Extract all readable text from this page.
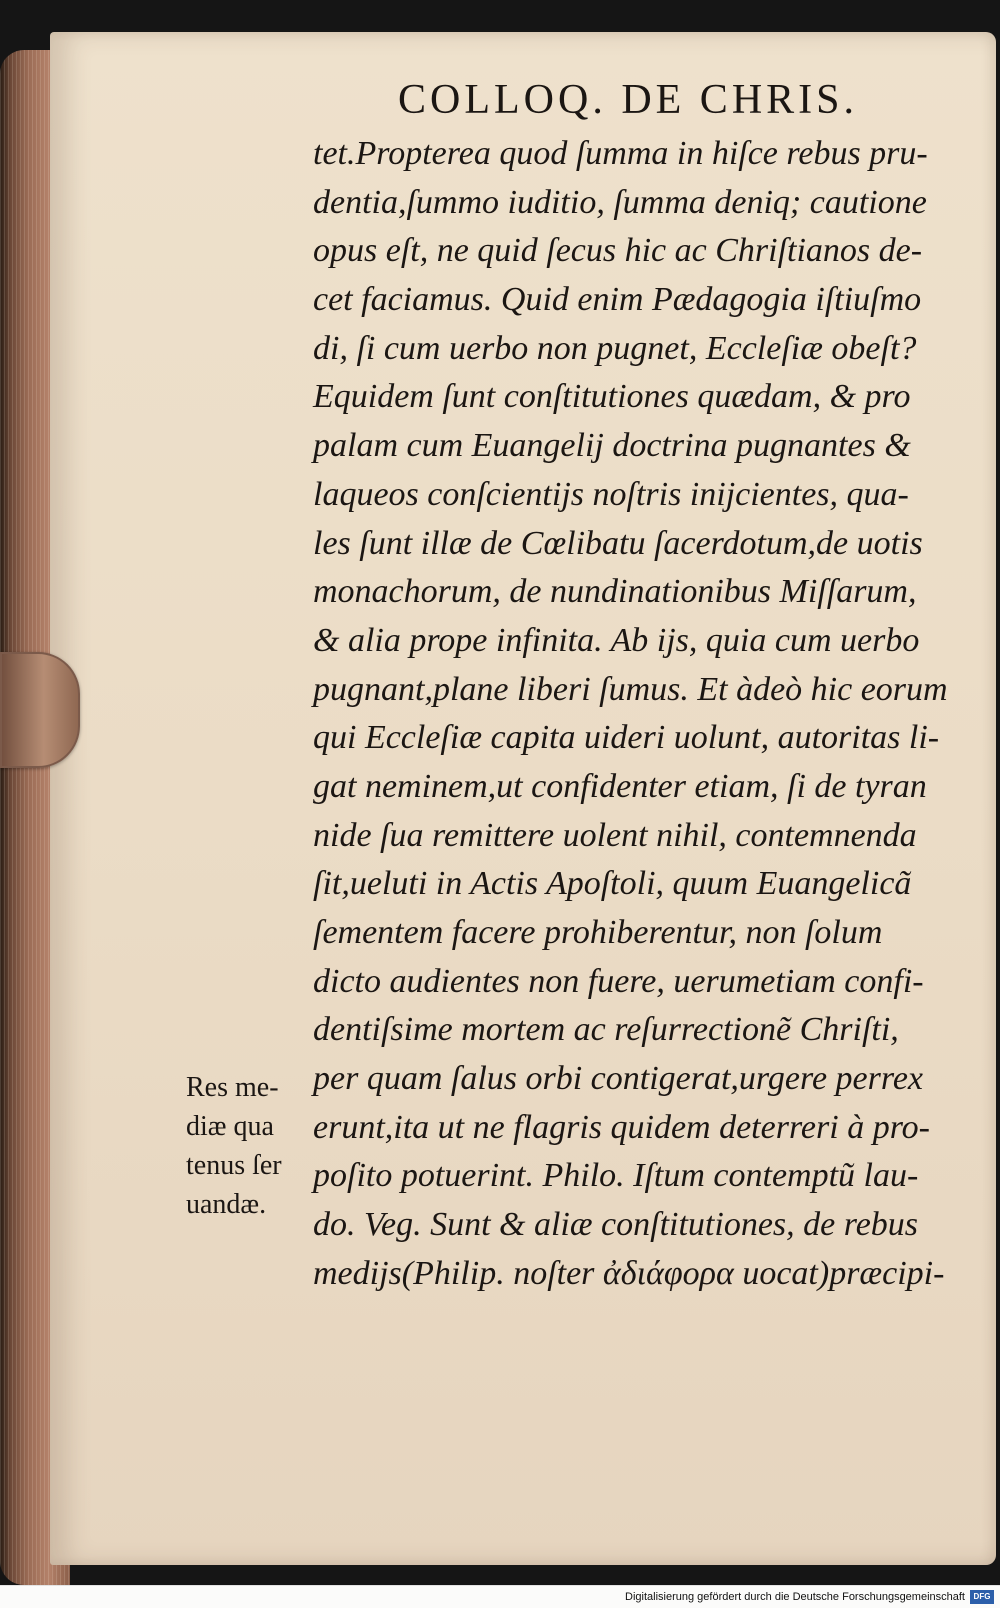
COLLOQ. DE CHRIS.
tet.Propterea quod ſumma in hiſce rebus pru-
dentia,ſummo iuditio, ſumma deniq; cautione
opus eſt, ne quid ſecus hic ac Chriſtianos de-
cet faciamus. Quid enim Pædagogia iſtiuſmo
di, ſi cum uerbo non pugnet, Eccleſiæ obeſt?
Equidem ſunt conſtitutiones quædam, & pro
palam cum Euangelij doctrina pugnantes &
laqueos conſcientijs noſtris inijcientes, qua-
les ſunt illæ de Cœlibatu ſacerdotum,de uotis
monachorum, de nundinationibus Miſſarum,
& alia prope infinita. Ab ijs, quia cum uerbo
pugnant,plane liberi ſumus. Et àdeò hic eorum
qui Eccleſiæ capita uideri uolunt, autoritas li-
gat neminem,ut confidenter etiam, ſi de tyran
nide ſua remittere uolent nihil, contemnenda
ſit,ueluti in Actis Apoſtoli, quum Euangelicã
ſementem facere prohiberentur, non ſolum
dicto audientes non fuere, uerumetiam confi-
dentiſsime mortem ac reſurrectionẽ Chriſti,
per quam ſalus orbi contigerat,urgere perrex
erunt,ita ut ne flagris quidem deterreri à pro-
poſito potuerint. Philo. Iſtum contemptũ lau-
do. Veg. Sunt & aliæ conſtitutiones, de rebus
medijs(Philip. noſter ἀδιάφορα uocat)præcipi-
Res me-
diæ qua
tenus ſer
uandæ.
Digitalisierung gefördert durch die Deutsche Forschungsgemeinschaft	DFG
